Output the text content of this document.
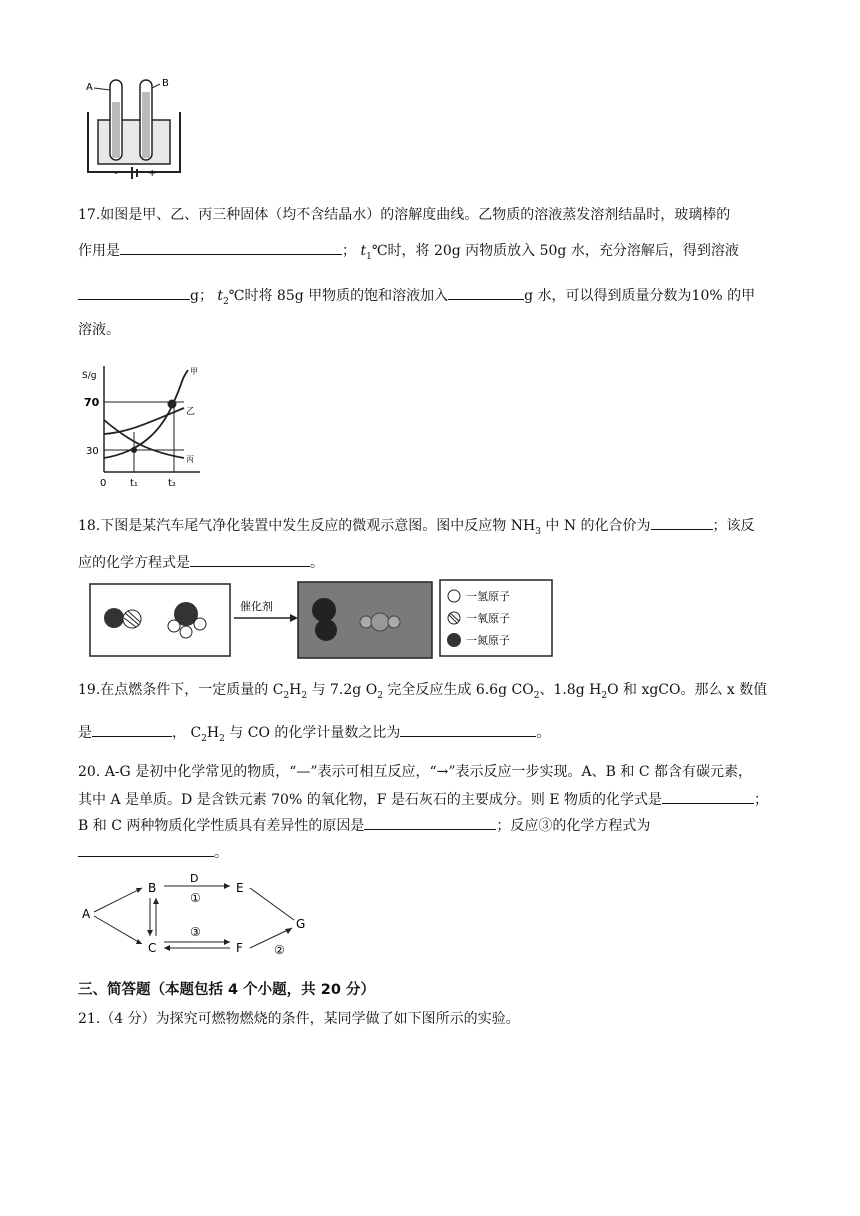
A	B
-	+
17.如图是甲、乙、丙三种固体（均不含结晶水）的溶解度曲线。乙物质的溶液蒸发溶剂结晶时，玻璃棒的
作用是	； $t_1℃$时，将 20g 丙物质放入 50g 水，充分溶解后，得到溶液
g； $t_2℃$时将 85g 甲物质的饱和溶液加入	g 水，可以得到质量分数为10% 的甲
溶液。
S/g
70
30
0 t₁	t₂
甲
乙
丙
18.下图是某汽车尾气净化装置中发生反应的微观示意图。图中反应物 $NH_3$ 中 N 的化合价为	；该反
应的化学方程式是	。
催化剂
一氢原子
一氧原子
一氮原子
19.在点燃条件下，一定质量的 $C_2H_2$ 与 7.2g $O_2$ 完全反应生成 6.6g $CO_2$、1.8g $H_2O$ 和 xgCO。那么 x 数值
是	， $C_2H_2$ 与 CO 的化学计量数之比为	。
20. A-G 是初中化学常见的物质，“—”表示可相互反应，“→”表示反应一步实现。A、B 和 C 都含有碳元素，
其中 A 是单质。D 是含铁元素 70% 的氧化物，F 是石灰石的主要成分。则 E 物质的化学式是	；
B 和 C 两种物质化学性质具有差异性的原因是	；反应③的化学方程式为
。
A
B
C
E
F
G
D
①
③
②
三、简答题（本题包括 4 个小题，共 20 分）
21.（4 分）为探究可燃物燃烧的条件，某同学做了如下图所示的实验。
